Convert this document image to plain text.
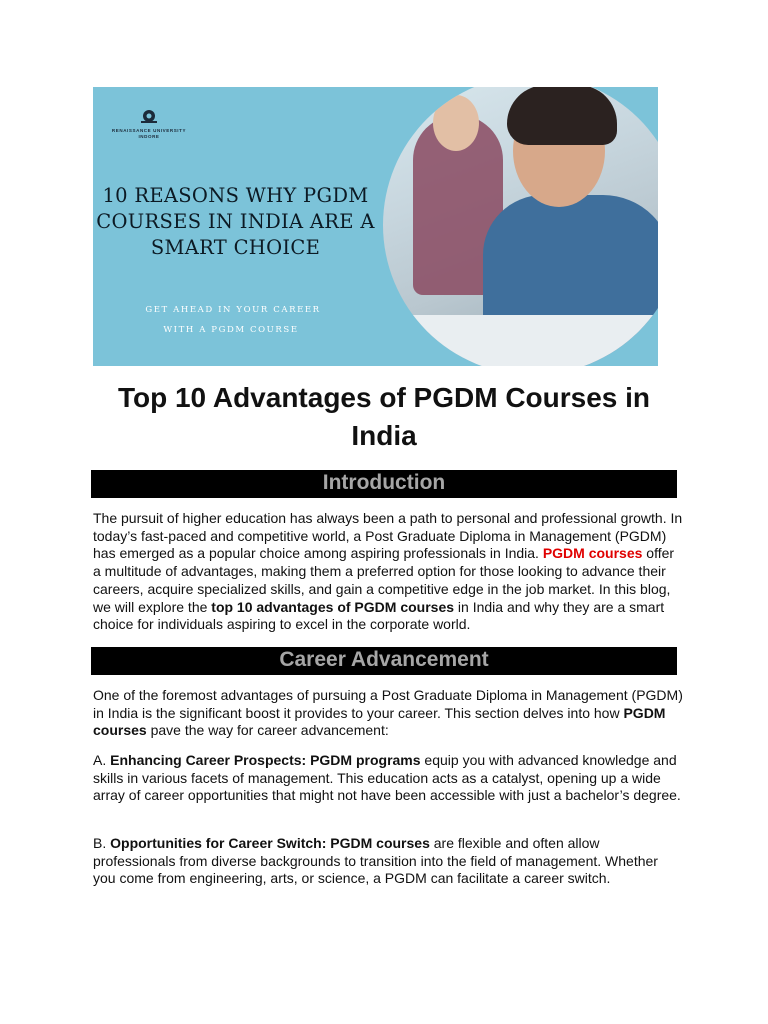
RENAISSANCE UNIVERSITY
INDORE
10 REASONS WHY PGDM COURSES IN INDIA ARE A SMART CHOICE
GET AHEAD IN YOUR CAREER
WITH A PGDM COURSE
Top 10 Advantages of PGDM Courses in India
Introduction
The pursuit of higher education has always been a path to personal and professional growth. In today’s fast-paced and competitive world, a Post Graduate Diploma in Management (PGDM) has emerged as a popular choice among aspiring professionals in India. PGDM courses offer a multitude of advantages, making them a preferred option for those looking to advance their careers, acquire specialized skills, and gain a competitive edge in the job market. In this blog, we will explore the top 10 advantages of PGDM courses in India and why they are a smart choice for individuals aspiring to excel in the corporate world.
Career Advancement
One of the foremost advantages of pursuing a Post Graduate Diploma in Management (PGDM) in India is the significant boost it provides to your career. This section delves into how PGDM courses pave the way for career advancement:
A. Enhancing Career Prospects: PGDM programs equip you with advanced knowledge and skills in various facets of management. This education acts as a catalyst, opening up a wide array of career opportunities that might not have been accessible with just a bachelor’s degree.
B. Opportunities for Career Switch: PGDM courses are flexible and often allow professionals from diverse backgrounds to transition into the field of management. Whether you come from engineering, arts, or science, a PGDM can facilitate a career switch.
